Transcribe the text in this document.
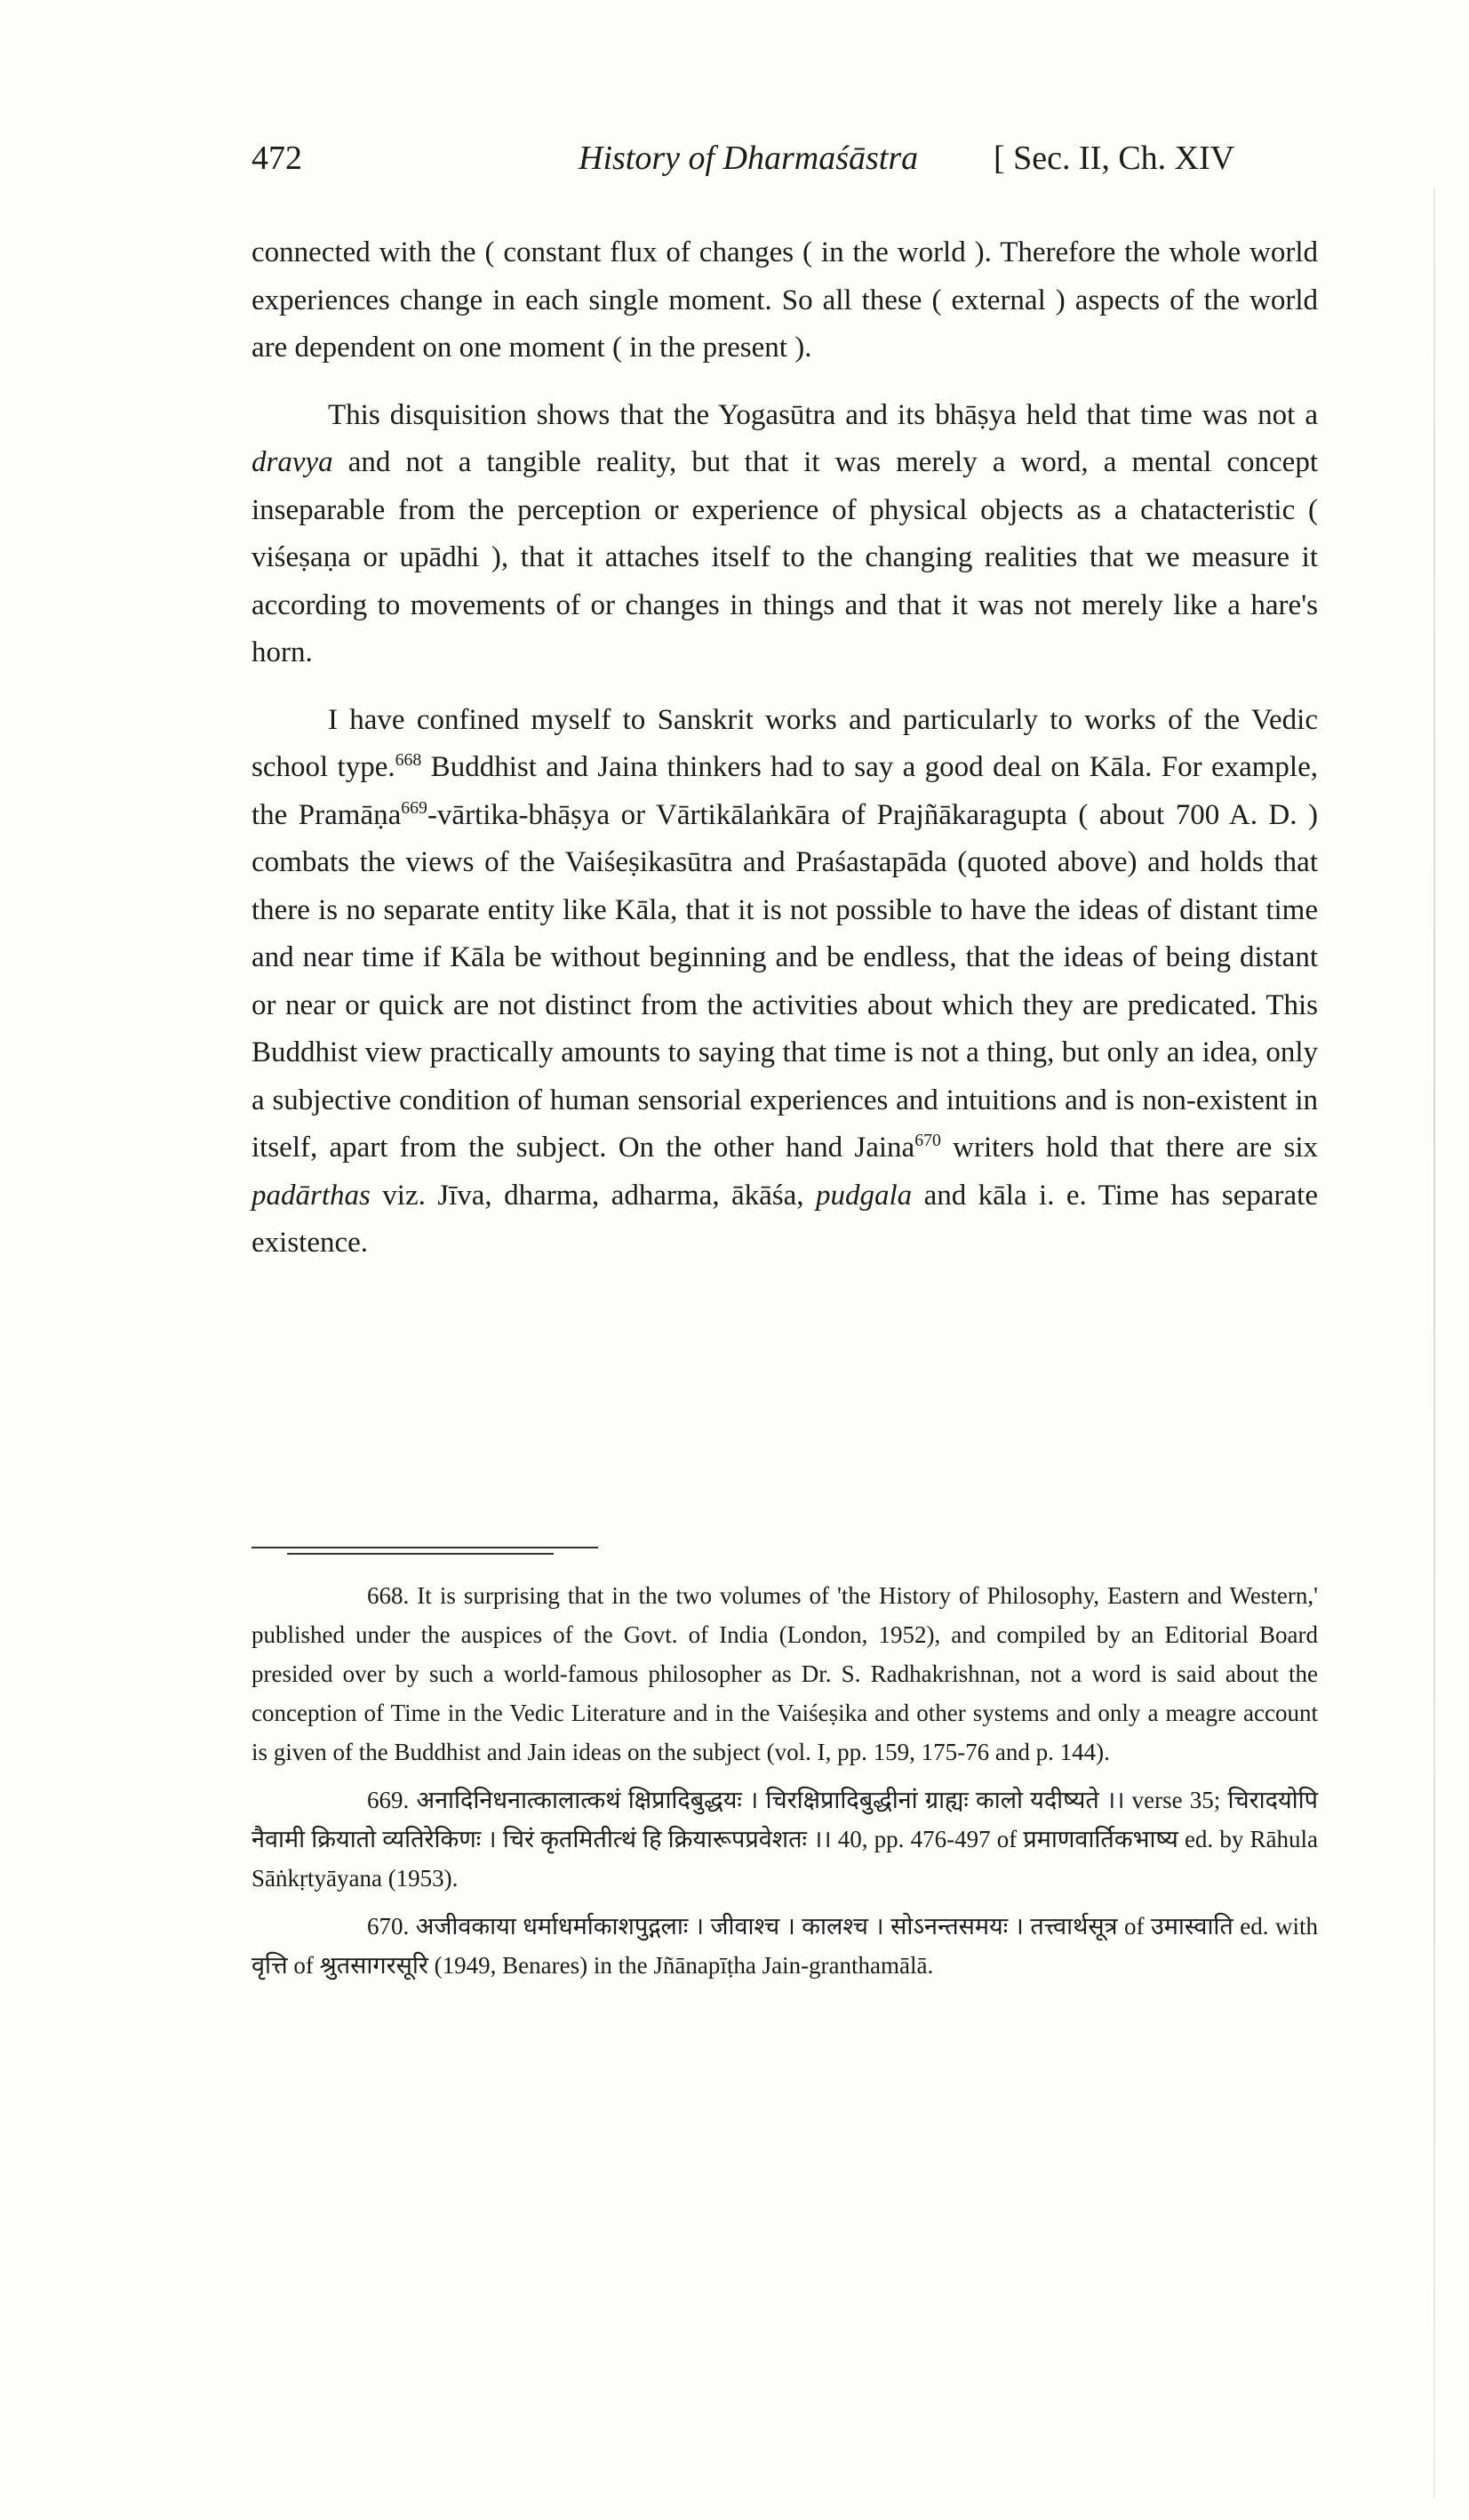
472	History of Dharmaśāstra [ Sec. II, Ch. XIV

connected with the ( constant flux of changes ( in the world ). Therefore the whole world experiences change in each single moment. So all these ( external ) aspects of the world are dependent on one moment ( in the present ).

This disquisition shows that the Yogasūtra and its bhāṣya held that time was not a dravya and not a tangible reality, but that it was merely a word, a mental concept inseparable from the perception or experience of physical objects as a chatacteristic ( viśeṣaṇa or upādhi ), that it attaches itself to the changing realities that we measure it according to movements of or changes in things and that it was not merely like a hare's horn.

I have confined myself to Sanskrit works and particularly to works of the Vedic school type.$^{668}$ Buddhist and Jaina thinkers had to say a good deal on Kāla. For example, the Pramāṇa$^{669}$-vārtika-bhāṣya or Vārtikālaṅkāra of Prajñākaragupta ( about 700 A. D. ) combats the views of the Vaiśeṣikasūtra and Praśastapāda (quoted above) and holds that there is no separate entity like Kāla, that it is not possible to have the ideas of distant time and near time if Kāla be without beginning and be endless, that the ideas of being distant or near or quick are not distinct from the activities about which they are predicated. This Buddhist view practically amounts to saying that time is not a thing, but only an idea, only a subjective condition of human sensorial experiences and intuitions and is non-existent in itself, apart from the subject. On the other hand Jaina$^{670}$ writers hold that there are six padārthas viz. Jīva, dharma, adharma, ākāśa, pudgala and kāla i. e. Time has separate existence.

668. It is surprising that in the two volumes of 'the History of Philosophy, Eastern and Western,' published under the auspices of the Govt. of India (London, 1952), and compiled by an Editorial Board presided over by such a world-famous philosopher as Dr. S. Radhakrishnan, not a word is said about the conception of Time in the Vedic Literature and in the Vaiśeṣika and other systems and only a meagre account is given of the Buddhist and Jain ideas on the subject (vol. I, pp. 159, 175-76 and p. 144).

669. अनादिनिधनात्कालात्कथं क्षिप्रादिबुद्धयः । चिरक्षिप्रादिबुद्धीनां ग्राह्यः कालो यदीष्यते ।। verse 35; चिरादयोपि नैवामी क्रियातो व्यतिरेकिणः । चिरं कृतमितीत्थं हि क्रियारूपप्रवेशतः ।। 40, pp. 476-497 of प्रमाणवार्तिकभाष्य ed. by Rāhula Sāṅkṛtyāyana (1953).

670. अजीवकाया धर्माधर्माकाशपुद्गलाः । जीवाश्च । कालश्च । सोऽनन्तसमयः । तत्त्वार्थसूत्र of उमास्वाति ed. with वृत्ति of श्रुतसागरसूरि (1949, Benares) in the Jñānapīṭha Jain-granthamālā.
